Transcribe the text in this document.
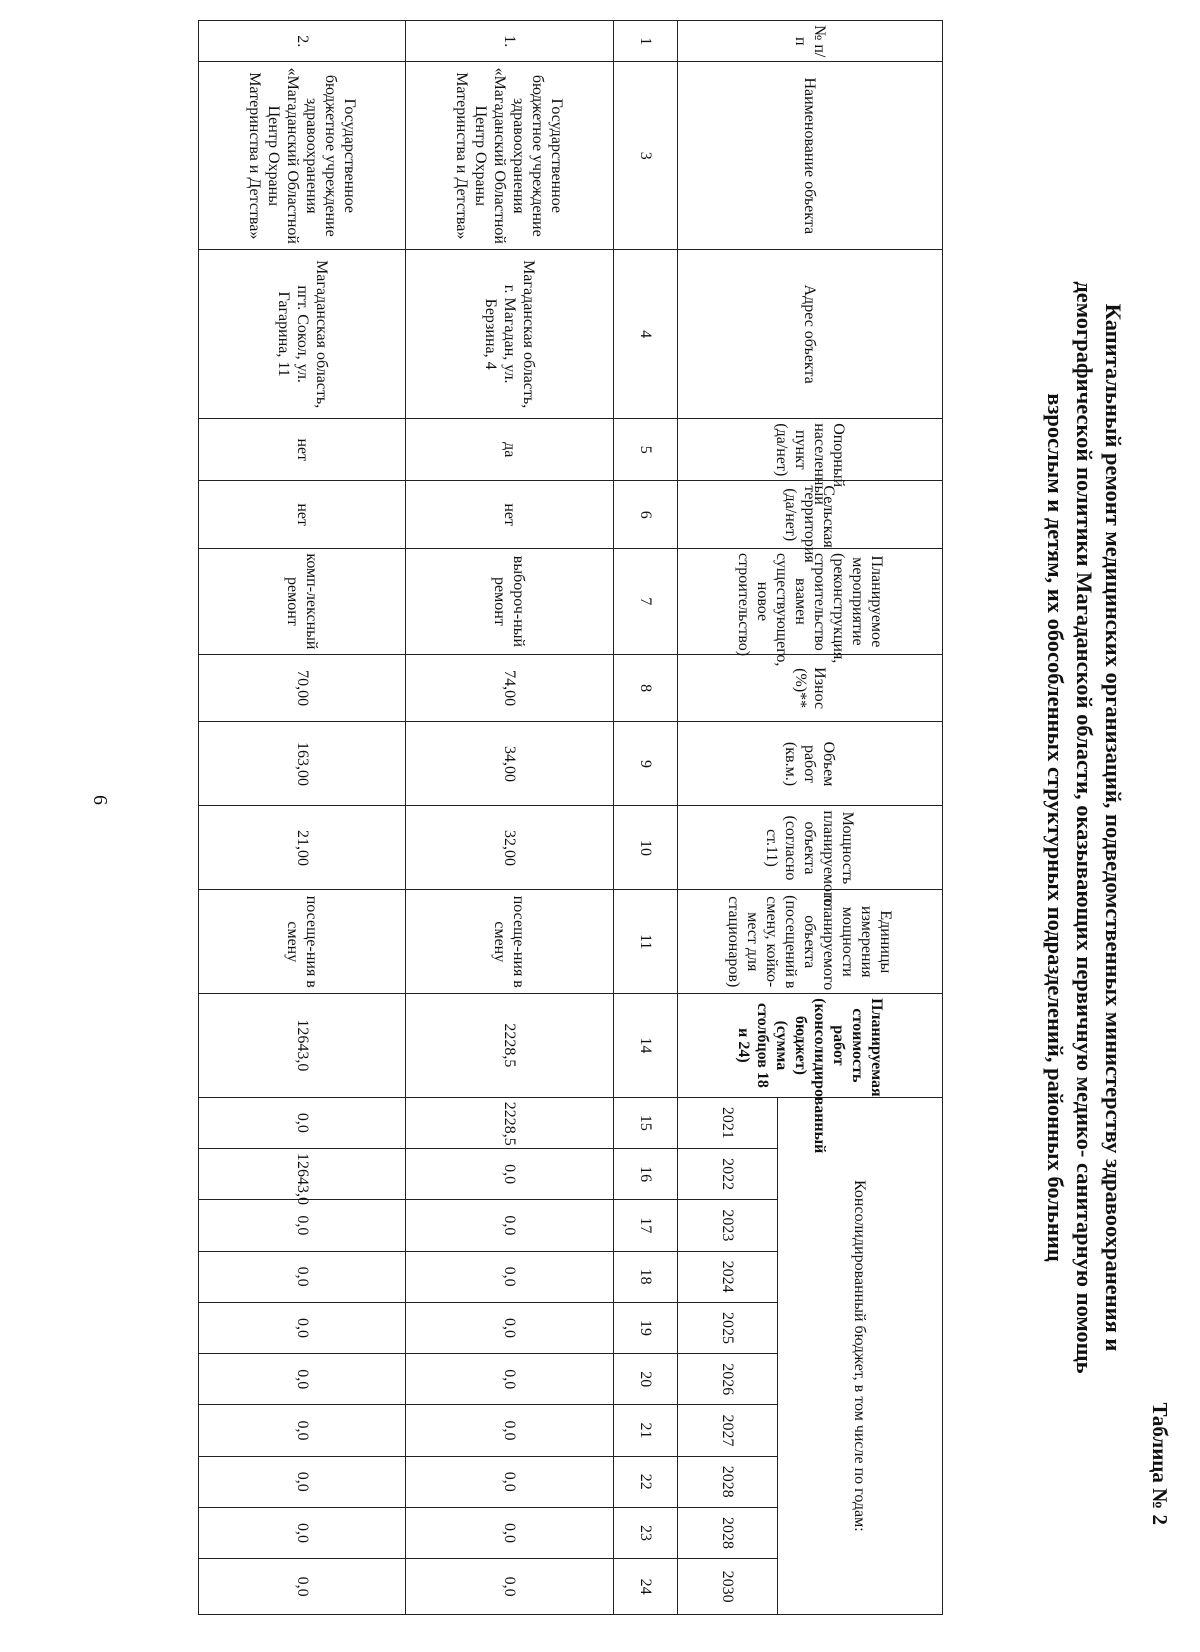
6
Таблица № 2
Капитальный ремонт медицинских организаций, подведомственных министерству здравоохранения и
демографической политики Магаданской области, оказывающих первичную медико- санитарную помощь
взрослым и детям, их обособленных структурных подразделений, районных больниц
№ п/п	Наименование объекта	Адрес объекта	Опорный населенный пункт (да/нет)	Сельская территория (да/нет)	Планируемое мероприятие (реконструкция, строительство взамен существующего, новое строительство)	Износ (%)**	Объем работ (кв.м.)	Мощность планируемого объекта (согласно ст.11)	Единицы измерения мощности планируемого объекта (посещений в смену, койко-мест для стационаров)	Планируемая стоимость работ (консолидированный бюджет) (сумма столбцов 18 и 24)	Консолидированный бюджет, в том числе по годам:									
											2021	2022	2023	2024	2025	2026	2027	2028	2028	2030
1	3	4	5	6	7	8	9	10	11	14	15	16	17	18	19	20	21	22	23	24
1.	Государственное бюджетное учреждение здравоохранения «Магаданский Областной Центр Охраны Материнства и Детства»	Магаданская область, г. Магадан, ул. Берзина, 4	да	нет	выбороч-ный ремонт	74,00	34,00	32,00	посеще-ния в смену	2228,5	2228,5	0,0	0,0	0,0	0,0	0,0	0,0	0,0	0,0	0,0
2.	Государственное бюджетное учреждение здравоохранения «Магаданский Областной Центр Охраны Материнства и Детства»	Магаданская область, пгт. Сокол, ул. Гагарина, 11	нет	нет	комп-лексный ремонт	70,00	163,00	21,00	посеще-ния в смену	12643,0	0,0	12643,0	0,0	0,0	0,0	0,0	0,0	0,0	0,0	0,0
